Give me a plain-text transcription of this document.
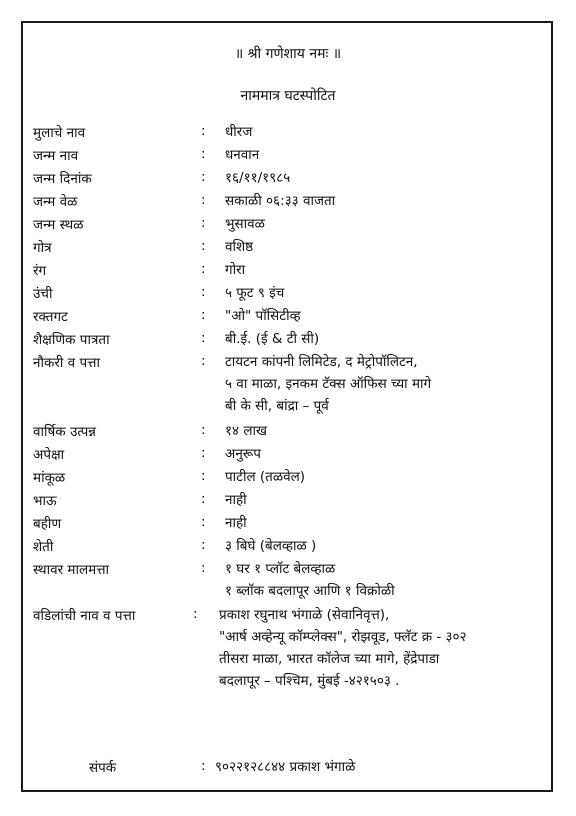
॥ श्री गणेशाय नमः ॥
नाममात्र घटस्पोटित
मुलाचे नाव	: धीरज
जन्म नाव	: धनवान
जन्म दिनांक	: १६/११/१९८५
जन्म वेळ	: सकाळी ०६:३३ वाजता
जन्म स्थळ	: भुसावळ
गोत्र	: वशिष्ठ
रंग	: गोरा
उंची	: ५ फूट ९ इंच
रक्तगट	: "ओ" पॉसिटीव्ह
शैक्षणिक पात्रता	: बी.ई. (ई & टी सी)
नौकरी व पत्ता	: टायटन कांपनी लिमिटेड, द मेट्रोपॉलिटन,
५ वा माळा, इनकम टॅक्स ऑफिस च्या मागे
बी के सी, बांद्रा – पूर्व
वार्षिक उत्पन्न	: १४ लाख
अपेक्षा	: अनुरूप
मांकूळ	: पाटील (तळवेल)
भाऊ	: नाही
बहीण	: नाही
शेती	: ३ बिघे (बेलव्हाळ )
स्थावर मालमत्ता	: १ घर १ प्लॉट बेलव्हाळ
१ ब्लॉक बदलापूर आणि १ विक्रोळी
वडिलांची नाव व पत्ता	: प्रकाश रघुनाथ भंगाळे (सेवानिवृत्त),
"आर्ष अव्हेन्यू कॉम्प्लेक्स", रोझवूड, फ्लॅट क्र - ३०२
तीसरा माळा, भारत कॉलेज च्या मागे, हेंद्रेपाडा
बदलापूर – पश्चिम, मुंबई -४२१५०३ .
संपर्क	: ९०२२१२८८४४ प्रकाश भंगाळे
